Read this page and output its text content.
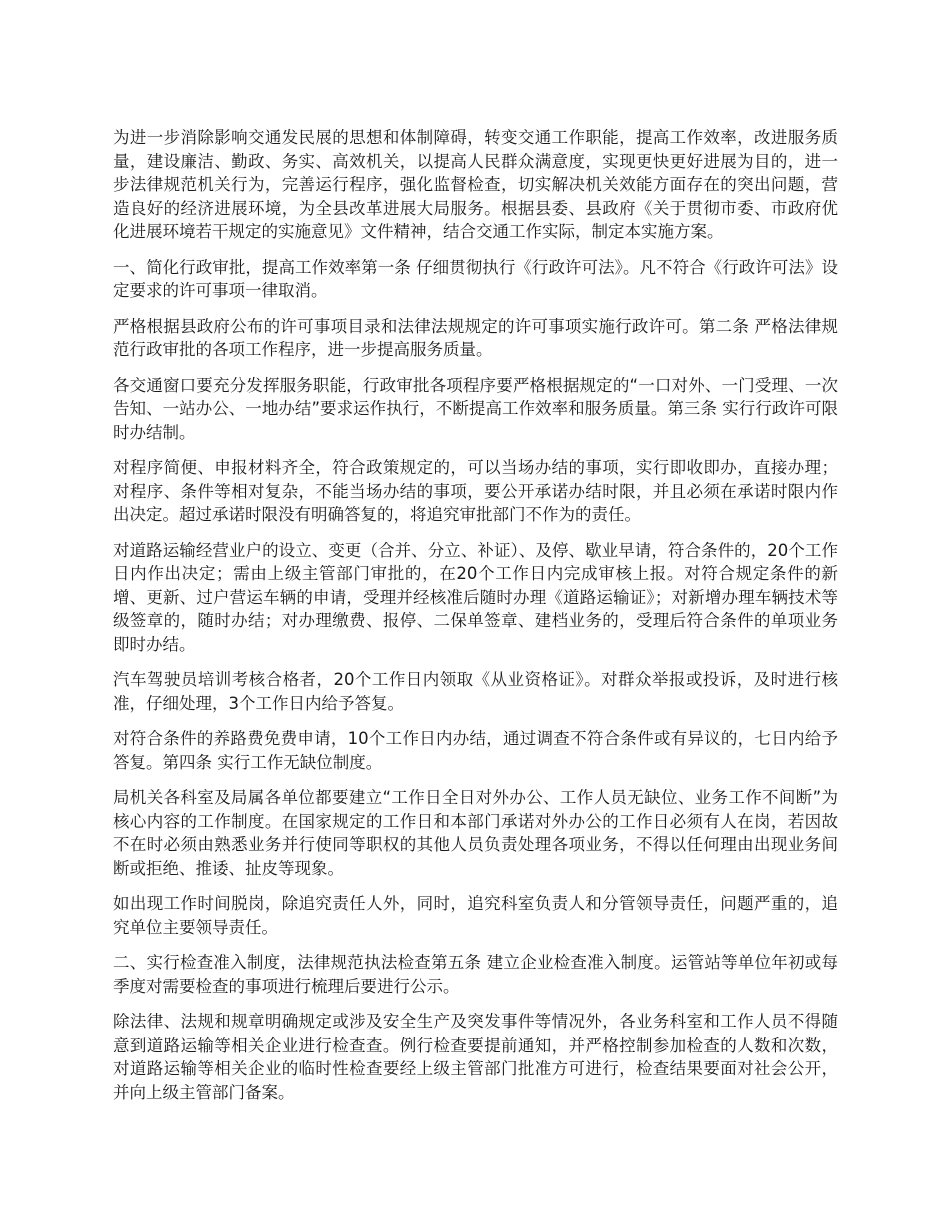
为进一步消除影响交通发民展的思想和体制障碍，转变交通工作职能，提高工作效率，改进服务质量，建设廉洁、勤政、务实、高效机关，以提高人民群众满意度，实现更快更好进展为目的，进一步法律规范机关行为，完善运行程序，强化监督检查，切实解决机关效能方面存在的突出问题，营造良好的经济进展环境，为全县改革进展大局服务。根据县委、县政府《关于贯彻市委、市政府优化进展环境若干规定的实施意见》文件精神，结合交通工作实际，制定本实施方案。

一、简化行政审批，提高工作效率第一条 仔细贯彻执行《行政许可法》。凡不符合《行政许可法》设定要求的许可事项一律取消。

严格根据县政府公布的许可事项目录和法律法规规定的许可事项实施行政许可。第二条 严格法律规范行政审批的各项工作程序，进一步提高服务质量。

各交通窗口要充分发挥服务职能，行政审批各项程序要严格根据规定的“一口对外、一门受理、一次告知、一站办公、一地办结”要求运作执行，不断提高工作效率和服务质量。第三条 实行行政许可限时办结制。

对程序简便、申报材料齐全，符合政策规定的，可以当场办结的事项，实行即收即办，直接办理；对程序、条件等相对复杂，不能当场办结的事项，要公开承诺办结时限，并且必须在承诺时限内作出决定。超过承诺时限没有明确答复的，将追究审批部门不作为的责任。

对道路运输经营业户的设立、变更（合并、分立、补证）、及停、歇业早请，符合条件的，20个工作日内作出决定；需由上级主管部门审批的，在20个工作日内完成审核上报。对符合规定条件的新增、更新、过户营运车辆的申请，受理并经核准后随时办理《道路运输证》；对新增办理车辆技术等级签章的，随时办结；对办理缴费、报停、二保单签章、建档业务的，受理后符合条件的单项业务即时办结。

汽车驾驶员培训考核合格者，20个工作日内领取《从业资格证》。对群众举报或投诉，及时进行核准，仔细处理，3个工作日内给予答复。

对符合条件的养路费免费申请，10个工作日内办结，通过调查不符合条件或有异议的，七日内给予答复。第四条 实行工作无缺位制度。

局机关各科室及局属各单位都要建立“工作日全日对外办公、工作人员无缺位、业务工作不间断”为核心内容的工作制度。在国家规定的工作日和本部门承诺对外办公的工作日必须有人在岗，若因故不在时必须由熟悉业务并行使同等职权的其他人员负责处理各项业务，不得以任何理由出现业务间断或拒绝、推诿、扯皮等现象。

如出现工作时间脱岗，除追究责任人外，同时，追究科室负责人和分管领导责任，问题严重的，追究单位主要领导责任。

二、实行检查准入制度，法律规范执法检查第五条 建立企业检查准入制度。运管站等单位年初或每季度对需要检查的事项进行梳理后要进行公示。

除法律、法规和规章明确规定或涉及安全生产及突发事件等情况外，各业务科室和工作人员不得随意到道路运输等相关企业进行检查查。例行检查要提前通知，并严格控制参加检查的人数和次数，对道路运输等相关企业的临时性检查要经上级主管部门批准方可进行，检查结果要面对社会公开，并向上级主管部门备案。
